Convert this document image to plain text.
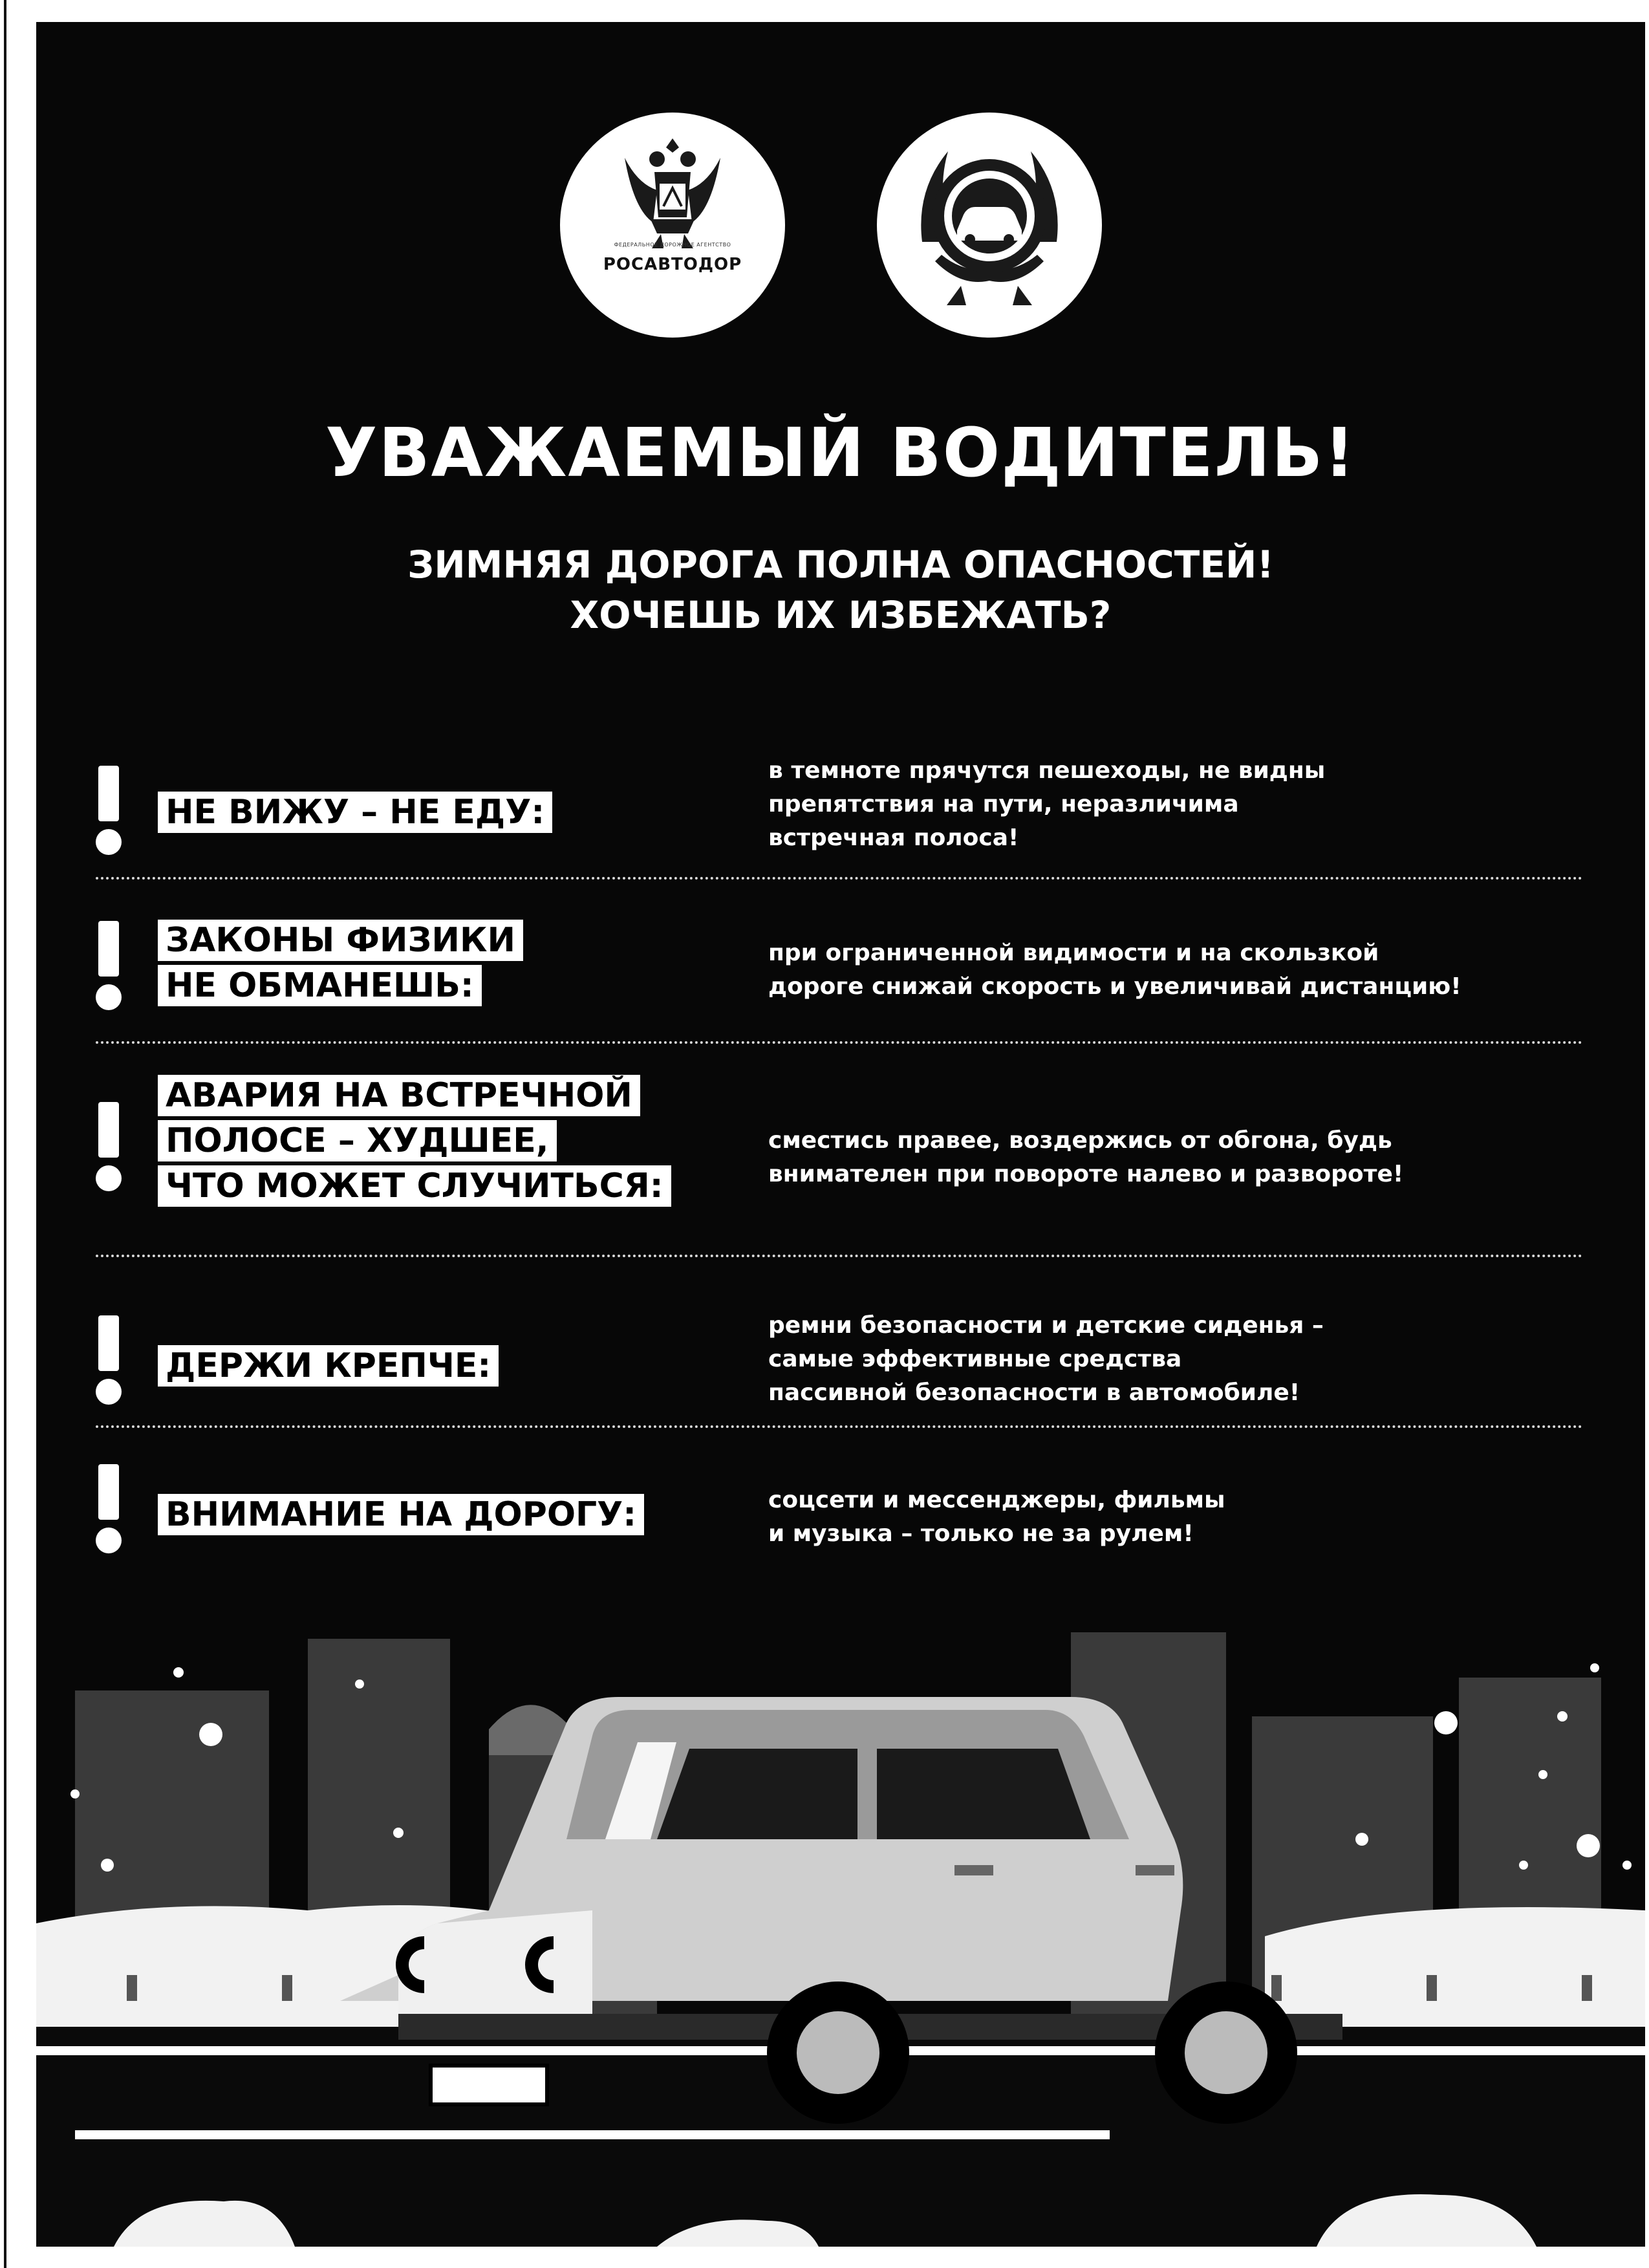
ФЕДЕРАЛЬНОЕ ДОРОЖНОЕ АГЕНТСТВО
РОСАВТОДОР
УВАЖАЕМЫЙ ВОДИТЕЛЬ!
ЗИМНЯЯ ДОРОГА ПОЛНА ОПАСНОСТЕЙ!
ХОЧЕШЬ ИХ ИЗБЕЖАТЬ?
НЕ ВИЖУ – НЕ ЕДУ:
в темноте прячутся пешеходы, не видны
препятствия на пути, неразличима
встречная полоса!
ЗАКОНЫ ФИЗИКИ
НЕ ОБМАНЕШЬ:
при ограниченной видимости и на скользкой
дороге снижай скорость и увеличивай дистанцию!
АВАРИЯ НА ВСТРЕЧНОЙ
ПОЛОСЕ – ХУДШЕЕ,
ЧТО МОЖЕТ СЛУЧИТЬСЯ:
сместись правее, воздержись от обгона, будь
внимателен при повороте налево и развороте!
ДЕРЖИ КРЕПЧЕ:
ремни безопасности и детские сиденья –
самые эффективные средства
пассивной безопасности в автомобиле!
ВНИМАНИЕ НА ДОРОГУ:	соцсети и мессенджеры, фильмы
и музыка – только не за рулем!
